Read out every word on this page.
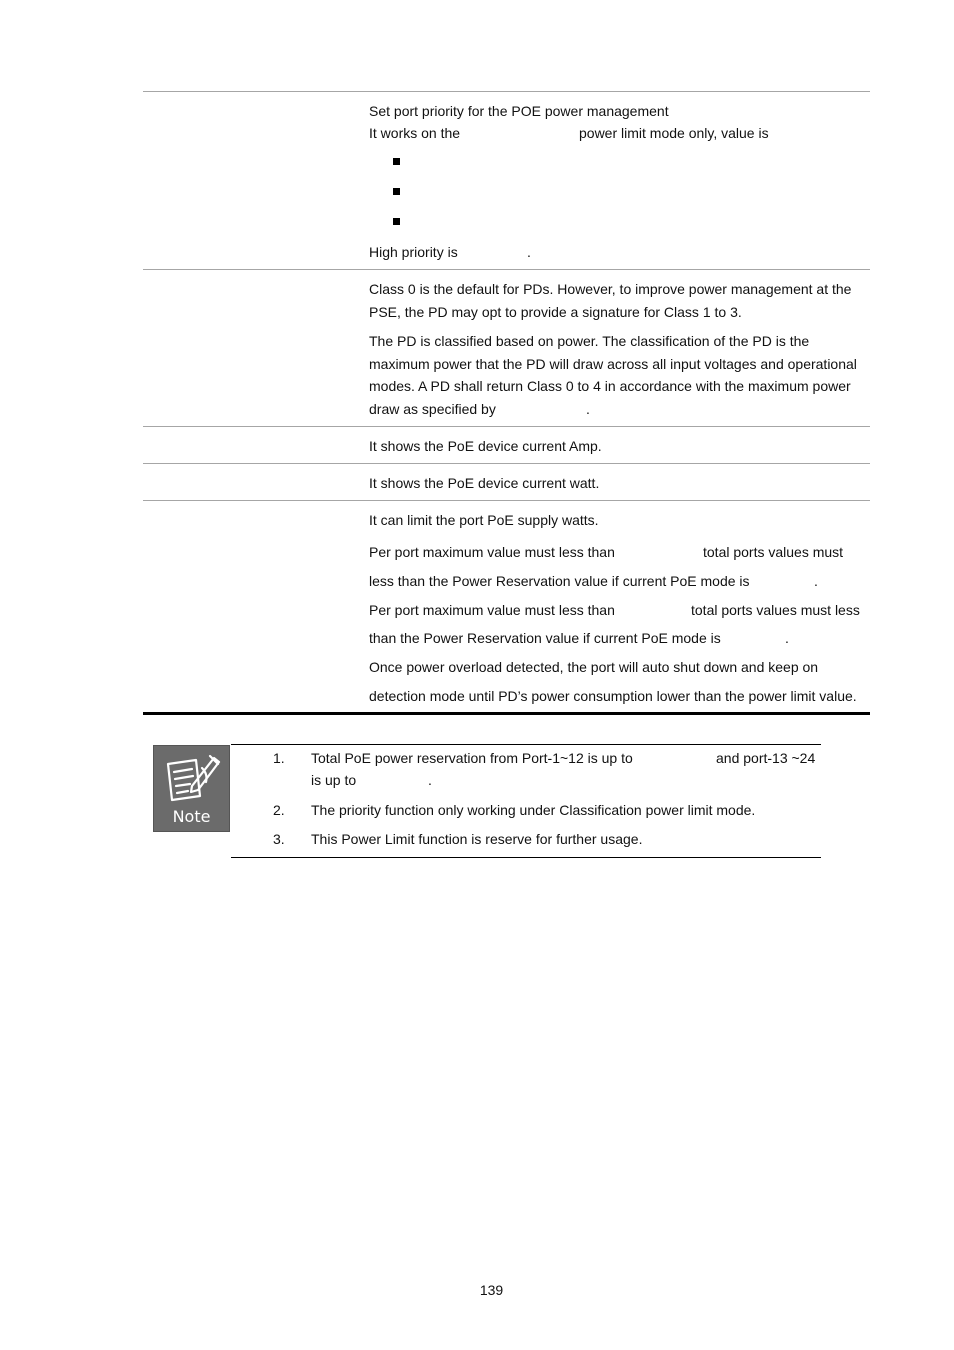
Set port priority for the POE power management
It works on the	power limit mode only, value is
High priority is	.
Class 0 is the default for PDs. However, to improve power management at the
PSE, the PD may opt to provide a signature for Class 1 to 3.
The PD is classified based on power. The classification of the PD is the
maximum power that the PD will draw across all input voltages and operational
modes. A PD shall return Class 0 to 4 in accordance with the maximum power
draw as specified by	.
It shows the PoE device current Amp.
It shows the PoE device current watt.
It can limit the port PoE supply watts.
Per port maximum value must less than	total ports values must
less than the Power Reservation value if current PoE mode is	.
Per port maximum value must less than	total ports values must less
than the Power Reservation value if current PoE mode is	.
Once power overload detected, the port will auto shut down and keep on
detection mode until PD’s power consumption lower than the power limit value.
Note
1. Total PoE power reservation from Port-1~12 is up to	and port-13 ~24
is up to	.
2. The priority function only working under Classification power limit mode.
3. This Power Limit function is reserve for further usage.
139
